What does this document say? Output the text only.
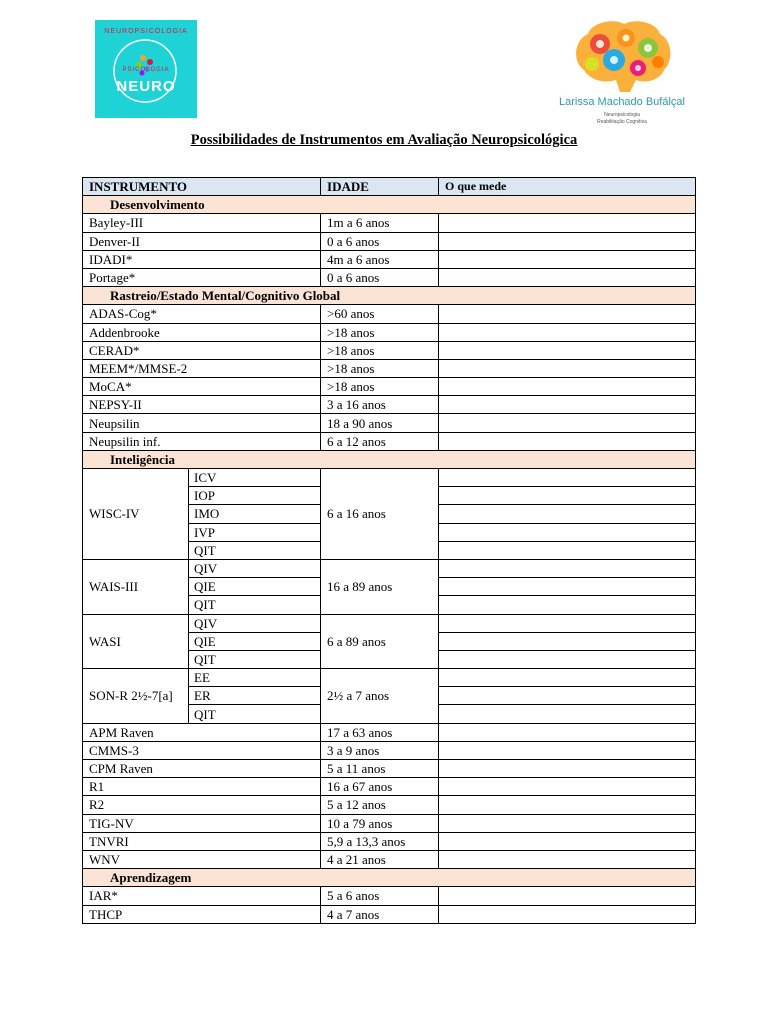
NEUROPSICOLOGIA
PSICOLOGIA
NEURO
Larissa Machado Bufálçal
Neuropsicologia
Reabilitação Cognitiva
Possibilidades de Instrumentos em Avaliação Neuropsicológica
INSTRUMENTO		IDADE	O que mede
Desenvolvimento			
Bayley-III		1m a 6 anos	
Denver-II		0 a 6 anos	
IDADI*		4m a 6 anos	
Portage*		0 a 6 anos	
Rastreio/Estado Mental/Cognitivo Global			
ADAS-Cog*		>60 anos	
Addenbrooke		>18 anos	
CERAD*		>18 anos	
MEEM*/MMSE-2		>18 anos	
MoCA*		>18 anos	
NEPSY-II		3 a 16 anos	
Neupsilin		18 a 90 anos	
Neupsilin inf.		6 a 12 anos	
Inteligência			
WISC-IV	ICV	6 a 16 anos	
	IOP		
	IMO		
	IVP		
	QIT		
WAIS-III	QIV	16 a 89 anos	
	QIE		
	QIT		
WASI	QIV	6 a 89 anos	
	QIE		
	QIT		
SON-R 2½-7[a]	EE	2½ a 7 anos	
	ER		
	QIT		
APM Raven		17 a 63 anos	
CMMS-3		3 a 9 anos	
CPM Raven		5 a 11 anos	
R1		16 a 67 anos	
R2		5 a 12 anos	
TIG-NV		10 a 79 anos	
TNVRI		5,9 a 13,3 anos	
WNV		4 a 21 anos	
Aprendizagem			
IAR*		5 a 6 anos	
THCP		4 a 7 anos	
